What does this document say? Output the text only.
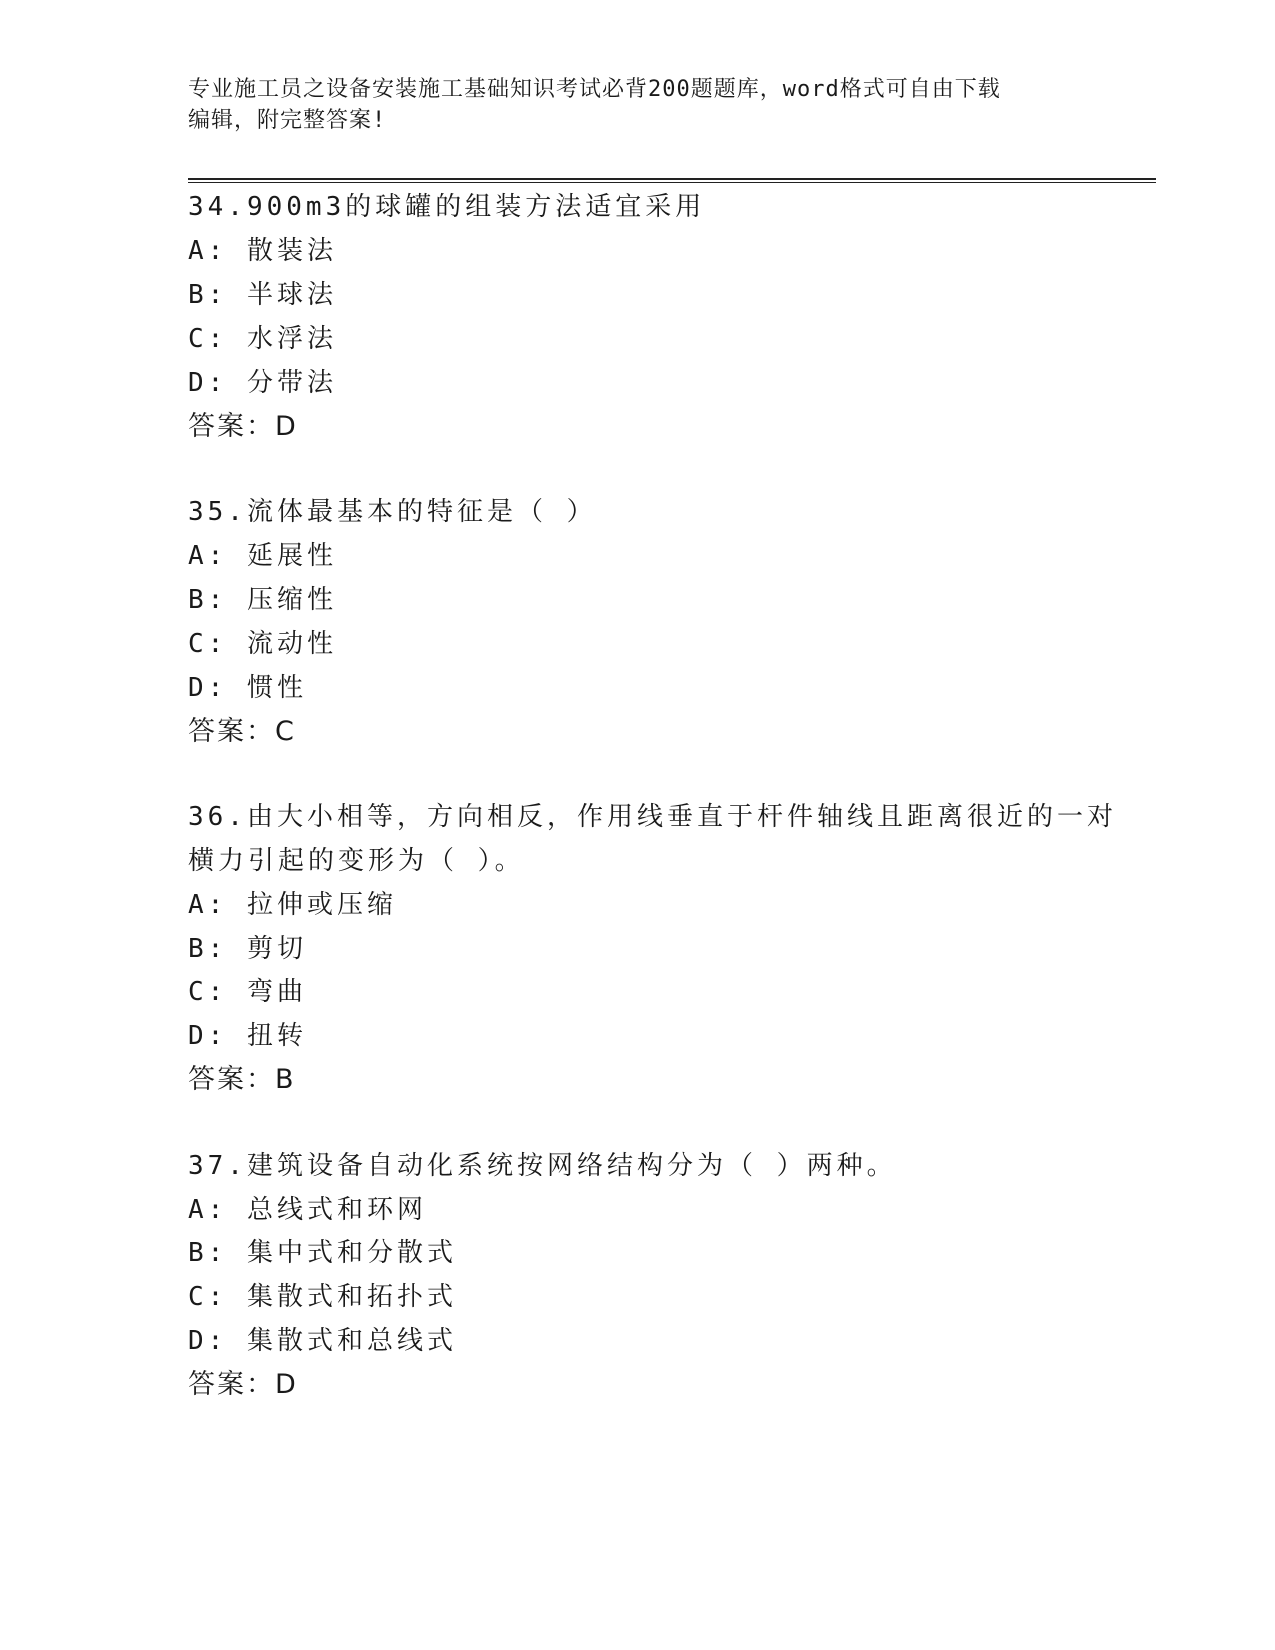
专业施工员之设备安装施工基础知识考试必背200题题库，word格式可自由下载
编辑，附完整答案!
34.900m3的球罐的组装方法适宜采用
A: 散装法
B: 半球法
C: 水浮法
D: 分带法
答案：D
35.流体最基本的特征是（ ）
A: 延展性
B: 压缩性
C: 流动性
D: 惯性
答案：C
36.由大小相等，方向相反，作用线垂直于杆件轴线且距离很近的一对
横力引起的变形为（ ）。
A: 拉伸或压缩
B: 剪切
C: 弯曲
D: 扭转
答案：B
37.建筑设备自动化系统按网络结构分为（ ）两种。
A: 总线式和环网
B: 集中式和分散式
C: 集散式和拓扑式
D: 集散式和总线式
答案：D
